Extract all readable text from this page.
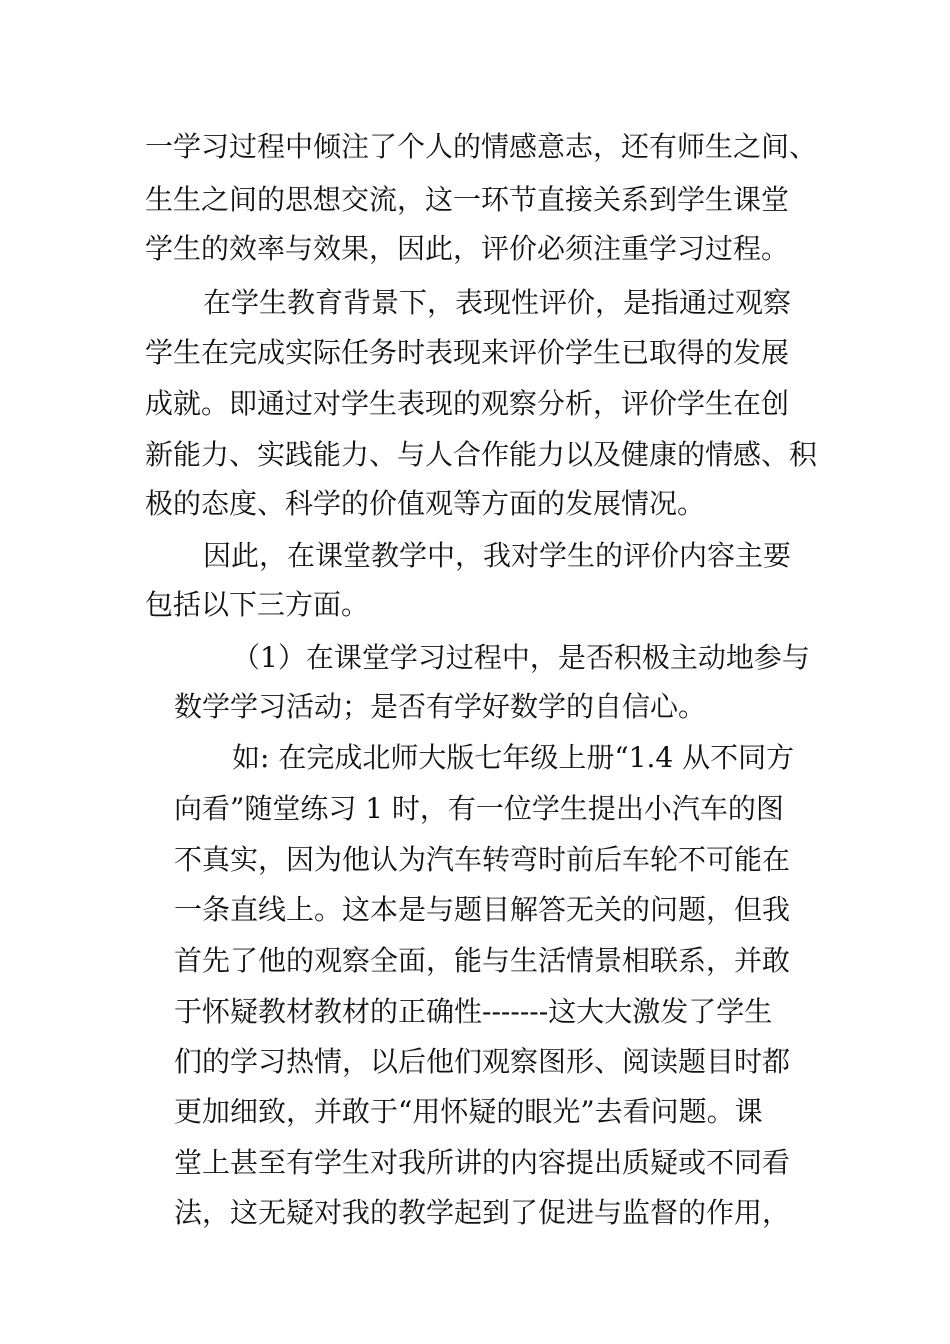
一学习过程中倾注了个人的情感意志，还有师生之间、

生生之间的思想交流，这一环节直接关系到学生课堂

学生的效率与效果，因此，评价必须注重学习过程。

在学生教育背景下，表现性评价，是指通过观察

学生在完成实际任务时表现来评价学生已取得的发展

成就。即通过对学生表现的观察分析，评价学生在创

新能力、实践能力、与人合作能力以及健康的情感、积

极的态度、科学的价值观等方面的发展情况。

因此，在课堂教学中，我对学生的评价内容主要

包括以下三方面。

（1）在课堂学习过程中，是否积极主动地参与

数学学习活动；是否有学好数学的自信心。

如: 在完成北师大版七年级上册“1.4 从不同方

向看”随堂练习 1 时，有一位学生提出小汽车的图

不真实，因为他认为汽车转弯时前后车轮不可能在

一条直线上。这本是与题目解答无关的问题，但我

首先了他的观察全面，能与生活情景相联系，并敢

于怀疑教材教材的正确性-------这大大激发了学生

们的学习热情，以后他们观察图形、阅读题目时都

更加细致，并敢于“用怀疑的眼光”去看问题。课

堂上甚至有学生对我所讲的内容提出质疑或不同看

法，这无疑对我的教学起到了促进与监督的作用，
